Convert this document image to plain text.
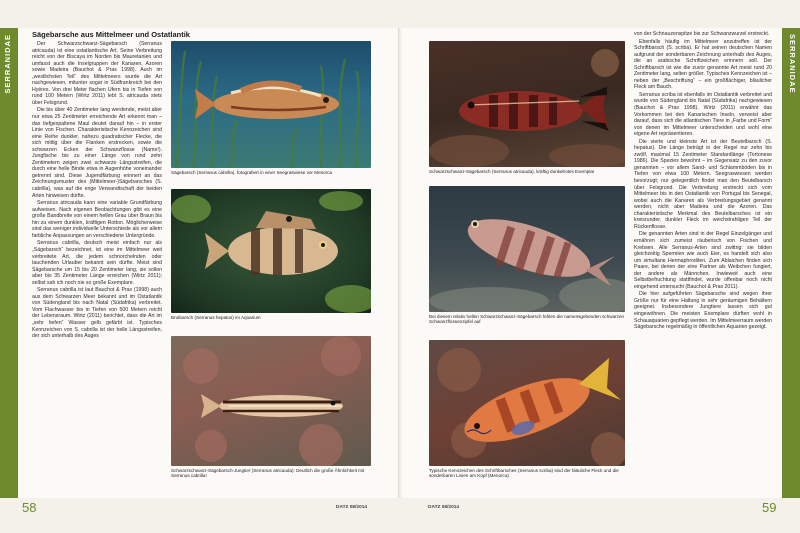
SERRANIDAE	Sägebarsche aus Mittelmeer und Ostatlantik

Der Schwarzschwanz-Sägebarsch (Serranus atricauda) ist eine ostatlantische Art. Seine Verbreitung reicht von der Biscaya im Norden bis Mauretanien und umfasst auch die Inselgruppen der Kanaren, Azoren sowie Madeira (Bauchot & Pras 1998). Auch im „westlichsten Teil“ des Mittelmeers wurde die Art nachgewiesen, mitunter sogar in Südfrankreich bei den Hyères. Von drei Meter flachen Ufern bis in Tiefen von rund 100 Metern (Wirtz 2011) lebt S. atricauda stets über Felsgrund.

Die bis über 40 Zentimeter lang werdende, meist aber nur etwa 25 Zentimeter erreichende Art erkennt man – das tiefgespaltene Maul deutet darauf hin – in erster Linie von Fischen. Charakteristische Kennzeichen sind eine Reihe dunkler, nahezu quadratischer Flecke, die sich mittig über die Flanken erstrecken, sowie die schwarzen Ecken der Schwanzflosse (Name!). Jungfische bis zu einer Länge von rund zehn Zentimetern zeigen zwei schwarze Längsstreifen, die durch eine helle Binde etwa in Augenhöhe voneinander getrennt sind. Diese Jugendfärbung erinnert an das Zeichnungsmuster des (Mittelmeer-)Sägebarsches (S. cabrilla), was auf die enge Verwandtschaft der beiden Arten hinweisen dürfte.

Serranus atricauda kann eine variable Grundfärbung aufweisen. Nach eigenen Beobachtungen gibt es eine große Bandbreite von einem hellen Grau über Braun bis hin zu einem dunklen, kräftigen Rotton. Möglicherweise sind das weniger individuelle Unterschiede als vor allem farbliche Anpassungen an verschiedene Untergründe.

Serranus cabrilla, deutsch meist einfach nur als „Sägebarsch“ bezeichnet, ist eine im Mittelmeer weit verbreitete Art, die jedem schnorchelnden oder tauchenden Urlauber bekannt sein dürfte. Meist sind Sägebarsche um 15 bis 20 Zentimeter lang, sie sollen aber bis 35 Zentimeter Länge erreichen (Wirtz 2011); selbst sah ich noch nie so große Exemplare.

Serranus cabrilla ist laut Bauchot & Pras (1998) auch aus dem Schwarzen Meer bekannt und im Ostatlantik von Südengland bis nach Natal (Südafrika) verbreitet. Vom Flachwasser bis in Tiefen von 500 Metern reicht der Lebensraum. Wirtz (2011) berichtet, dass die Art im „sehr tiefen“ Wasser gelb gefärbt ist. Typisches Kennzeichen von S. cabrilla ist der helle Längsstreifen, der sich unterhalb des Auges

Sägebarsch (Serranus cabrilla), fotografiert in einer Seegraswiese vor Menorca
Brutbarsch (Serranus hepatus) im Aquarium
Schwarzschwanz-Sägebarsch-Jungtier (Serranus atricauda): Deutlich die große Ähnlichkeit mit Serranus cabrilla!
58	DATZ 08/2014
SERRANIDAE
Schwarzschwanz-Sägebarsch (Serranus atricauda), kräftig dunkelrotes Exemplar
Bei diesem relativ hellen Schwarzschwanz-Sägebarsch fehlen die namensgebenden schwarzen Schwanzflossenzipfel auf
Typische Kennzeichen des Schriftbarsches (Serranus scriba) sind der bläuliche Fleck und die sonderbaren Linien am Kopf (Menorca)

von der Schnauzenspitze bis zur Schwanzwurzel erstreckt.

Ebenfalls häufig im Mittelmeer anzutreffen ist der Schriftbarsch (S. scriba). Er hat seinen deutschen Namen aufgrund der sonderbaren Zeichnung unterhalb des Auges, die an arabische Schriftzeichen erinnern soll. Der Schriftbarsch ist wie die zuvor genannte Art meist rund 20 Zentimeter lang, selten größer. Typisches Kennzeichen ist – neben der „Beschriftung“ – ein großflächiger, bläulicher Fleck am Bauch.

Serranus scriba ist ebenfalls im Ostatlantik verbreitet und wurde von Südengland bis Natal (Südafrika) nachgewiesen (Bauchot & Pras 1998). Wirtz (2011) erwähnt das Vorkommen bei den Kanarischen Inseln, verweist aber darauf, dass sich die atlantischen Tiere in „Farbe und Form“ von denen im Mittelmeer unterscheiden und wohl eine eigene Art repräsentieren.

Die vierte und kleinste Art ist der Beutelbarsch (S. hepatus). Die Länge beträgt in der Regel nur zehn bis zwölf, maximal 15 Zentimeter Standardlänge (Tortonese 1986). Die Spezies bewohnt – im Gegensatz zu den zuvor genannten – vor allem Sand- und Schlammböden bis in Tiefen von etwa 100 Metern. Seegraswiesen werden bevorzugt; nur gelegentlich findet man den Beutelbarsch über Felsgrund. Die Verbreitung erstreckt sich vom Mittelmeer bis in den Ostatlantik von Portugal bis Senegal, wobei auch die Kanaren als Verbreitungsgebiet genannt werden, nicht aber Madeira und die Azoren. Das charakteristische Merkmal des Beutelbarsches ist ein kreisrunder, dunkler Fleck im weichstrahligen Teil der Rückenflosse.

Die genannten Arten sind in der Regel Einzelgänger und ernähren sich zumeist räuberisch von Fischen und Krebsen. Alle Serranus-Arten sind zwittrig: sie bilden gleichzeitig Spermien wie auch Eier, es handelt sich also um simultane Hermaphroditen. Zum Ablaichen finden sich Paare, bei denen der eine Partner als Weibchen fungiert, der andere als Männchen. Inwieweit auch eine Selbstbefruchtung stattfindet, wurde offenbar noch nicht eingehend untersucht (Bauchot & Pras 2011).

Die hier aufgeführten Sägebarsche sind wegen ihrer Größe nur für eine Haltung in sehr geräumigen Behältern geeignet. Insbesondere Jungtiere lassen sich gut eingewöhnen. Die meisten Exemplare dürften wohl in Schauaquarien gepflegt werden. Im Mittelmeerraum werden Sägebarsche regelmäßig in öffentlichen Aquarien gezeigt.

59
DATZ 08/2014
